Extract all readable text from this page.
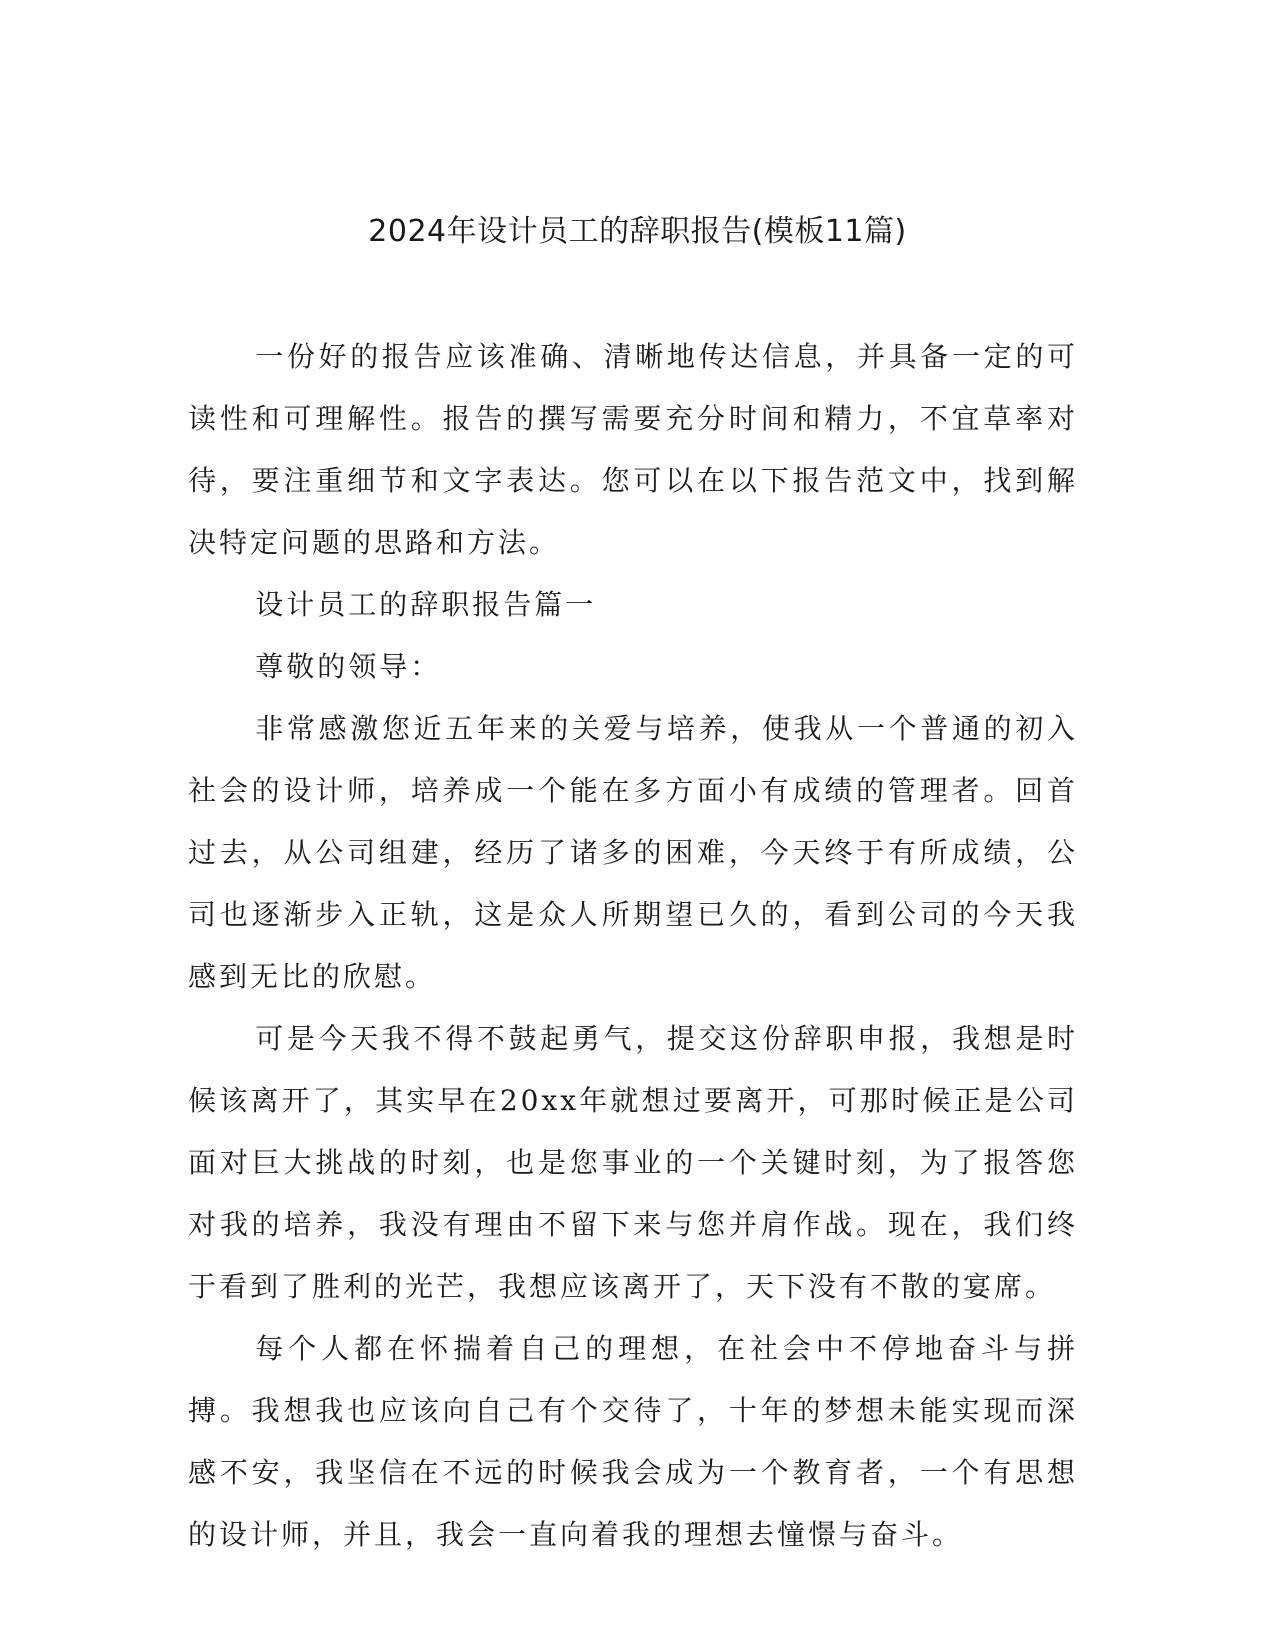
2024年设计员工的辞职报告(模板11篇)

一份好的报告应该准确、清晰地传达信息，并具备一定的可读性和可理解性。报告的撰写需要充分时间和精力，不宜草率对待，要注重细节和文字表达。您可以在以下报告范文中，找到解决特定问题的思路和方法。

设计员工的辞职报告篇一

尊敬的领导：

非常感激您近五年来的关爱与培养，使我从一个普通的初入社会的设计师，培养成一个能在多方面小有成绩的管理者。回首过去，从公司组建，经历了诸多的困难，今天终于有所成绩，公司也逐渐步入正轨，这是众人所期望已久的，看到公司的今天我感到无比的欣慰。

可是今天我不得不鼓起勇气，提交这份辞职申报，我想是时候该离开了，其实早在20xx年就想过要离开，可那时候正是公司面对巨大挑战的时刻，也是您事业的一个关键时刻，为了报答您对我的培养，我没有理由不留下来与您并肩作战。现在，我们终于看到了胜利的光芒，我想应该离开了，天下没有不散的宴席。

每个人都在怀揣着自己的理想，在社会中不停地奋斗与拼搏。我想我也应该向自己有个交待了，十年的梦想未能实现而深感不安，我坚信在不远的时候我会成为一个教育者，一个有思想的设计师，并且，我会一直向着我的理想去憧憬与奋斗。
